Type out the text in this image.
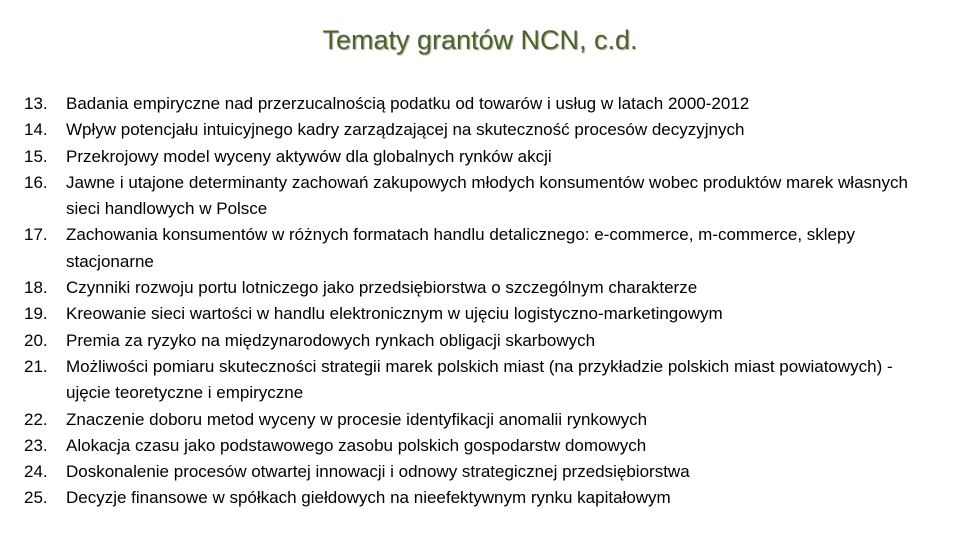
Tematy grantów NCN, c.d.
13.	Badania empiryczne nad przerzucalnością podatku od towarów i usług w latach 2000-2012
14.	Wpływ potencjału intuicyjnego kadry zarządzającej na skuteczność procesów decyzyjnych
15.	Przekrojowy model wyceny aktywów dla globalnych rynków akcji
16.	Jawne i utajone determinanty zachowań zakupowych młodych konsumentów wobec produktów marek własnych sieci handlowych w Polsce
17.	Zachowania konsumentów w różnych formatach handlu detalicznego: e-commerce, m-commerce, sklepy stacjonarne
18.	Czynniki rozwoju portu lotniczego jako przedsiębiorstwa o szczególnym charakterze
19.	Kreowanie sieci wartości w handlu elektronicznym w ujęciu logistyczno-marketingowym
20.	Premia za ryzyko na międzynarodowych rynkach obligacji skarbowych
21.	Możliwości pomiaru skuteczności strategii marek polskich miast (na przykładzie polskich miast powiatowych) - ujęcie teoretyczne i empiryczne
22.	Znaczenie doboru metod wyceny w procesie identyfikacji anomalii rynkowych
23.	Alokacja czasu jako podstawowego zasobu polskich gospodarstw domowych
24.	Doskonalenie procesów otwartej innowacji i odnowy strategicznej przedsiębiorstwa
25.	Decyzje finansowe w spółkach giełdowych na nieefektywnym rynku kapitałowym
